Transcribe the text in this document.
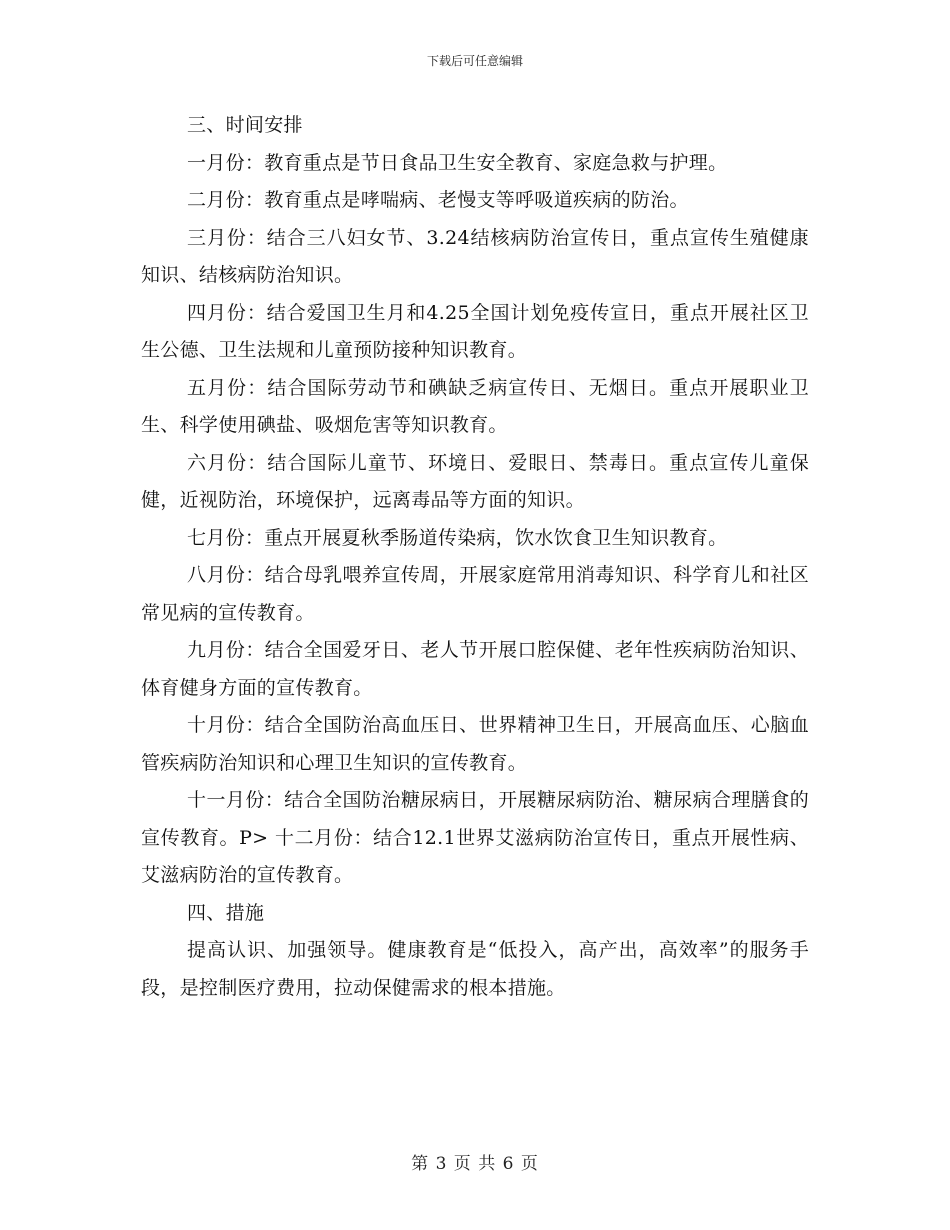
下载后可任意编辑

三、时间安排

一月份：教育重点是节日食品卫生安全教育、家庭急救与护理。

二月份：教育重点是哮喘病、老慢支等呼吸道疾病的防治。

三月份：结合三八妇女节、3.24结核病防治宣传日，重点宣传生殖健康知识、结核病防治知识。

四月份：结合爱国卫生月和4.25全国计划免疫传宣日，重点开展社区卫生公德、卫生法规和儿童预防接种知识教育。

五月份：结合国际劳动节和碘缺乏病宣传日、无烟日。重点开展职业卫生、科学使用碘盐、吸烟危害等知识教育。

六月份：结合国际儿童节、环境日、爱眼日、禁毒日。重点宣传儿童保健，近视防治，环境保护，远离毒品等方面的知识。

七月份：重点开展夏秋季肠道传染病，饮水饮食卫生知识教育。

八月份：结合母乳喂养宣传周，开展家庭常用消毒知识、科学育儿和社区常见病的宣传教育。

九月份：结合全国爱牙日、老人节开展口腔保健、老年性疾病防治知识、体育健身方面的宣传教育。

十月份：结合全国防治高血压日、世界精神卫生日，开展高血压、心脑血管疾病防治知识和心理卫生知识的宣传教育。

十一月份：结合全国防治糖尿病日，开展糖尿病防治、糖尿病合理膳食的宣传教育。P> 十二月份：结合12.1世界艾滋病防治宣传日，重点开展性病、艾滋病防治的宣传教育。

四、措施

提高认识、加强领导。健康教育是“低投入，高产出，高效率”的服务手段，是控制医疗费用，拉动保健需求的根本措施。

第 3 页 共 6 页
